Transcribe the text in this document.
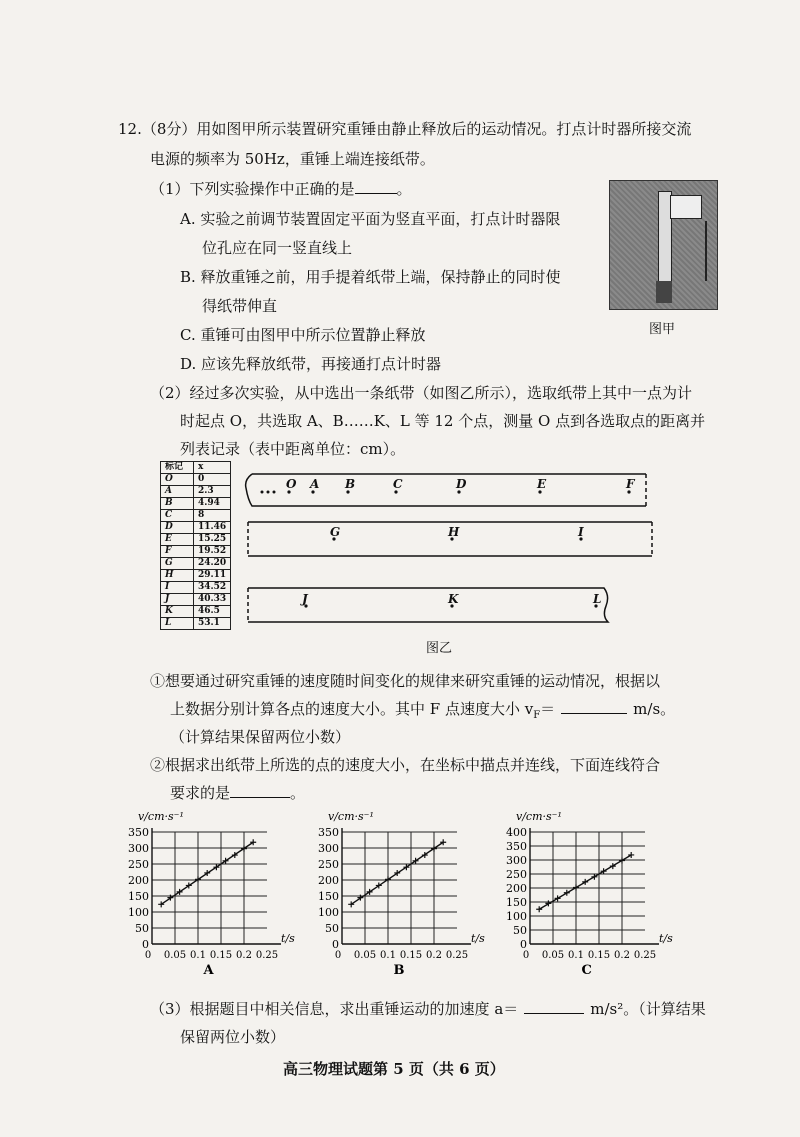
12.（8分）用如图甲所示装置研究重锤由静止释放后的运动情况。打点计时器所接交流
电源的频率为 50Hz，重锤上端连接纸带。
（1）下列实验操作中正确的是	。
A. 实验之前调节装置固定平面为竖直平面，打点计时器限
位孔应在同一竖直线上
B. 释放重锤之前，用手提着纸带上端，保持静止的同时使
得纸带伸直
C. 重锤可由图甲中所示位置静止释放
D. 应该先释放纸带，再接通打点计时器
图甲
（2）经过多次实验，从中选出一条纸带（如图乙所示），选取纸带上其中一点为计
时起点 O，共选取 A、B……K、L 等 12 个点，测量 O 点到各选取点的距离并
列表记录（表中距离单位：cm）。
标记	x
O	0
A	2.3
B	4.94
C	8
D	11.46
E	15.25
F	19.52
G	24.20
H	29.11
I	34.52
J	40.33
K	46.5
L	53.1
O A B	C	D	E	F
G	H	I
J	K	L
图乙
①想要通过研究重锤的速度随时间变化的规律来研究重锤的运动情况，根据以
上数据分别计算各点的速度大小。其中 F 点速度大小 $v_F=$	m/s。
（计算结果保留两位小数）
②根据求出纸带上所选的点的速度大小，在坐标中描点并连线，下面连线符合
要求的是	。
0
50
100
150
200
250
300
350
0 0.05 0.1 0.15 0.2 0.25
v/cm·s⁻¹
t/s
A
0
50
100
150
200
250
300
350
0 0.05 0.1 0.15 0.2 0.25
v/cm·s⁻¹
t/s
B
0
50
100
150
200
250
300
350
400
0 0.05 0.1 0.15 0.2 0.25
v/cm·s⁻¹
t/s
C
（3）根据题目中相关信息，求出重锤运动的加速度 a＝	m/s²。（计算结果
保留两位小数）
高三物理试题第 5 页（共 6 页）
